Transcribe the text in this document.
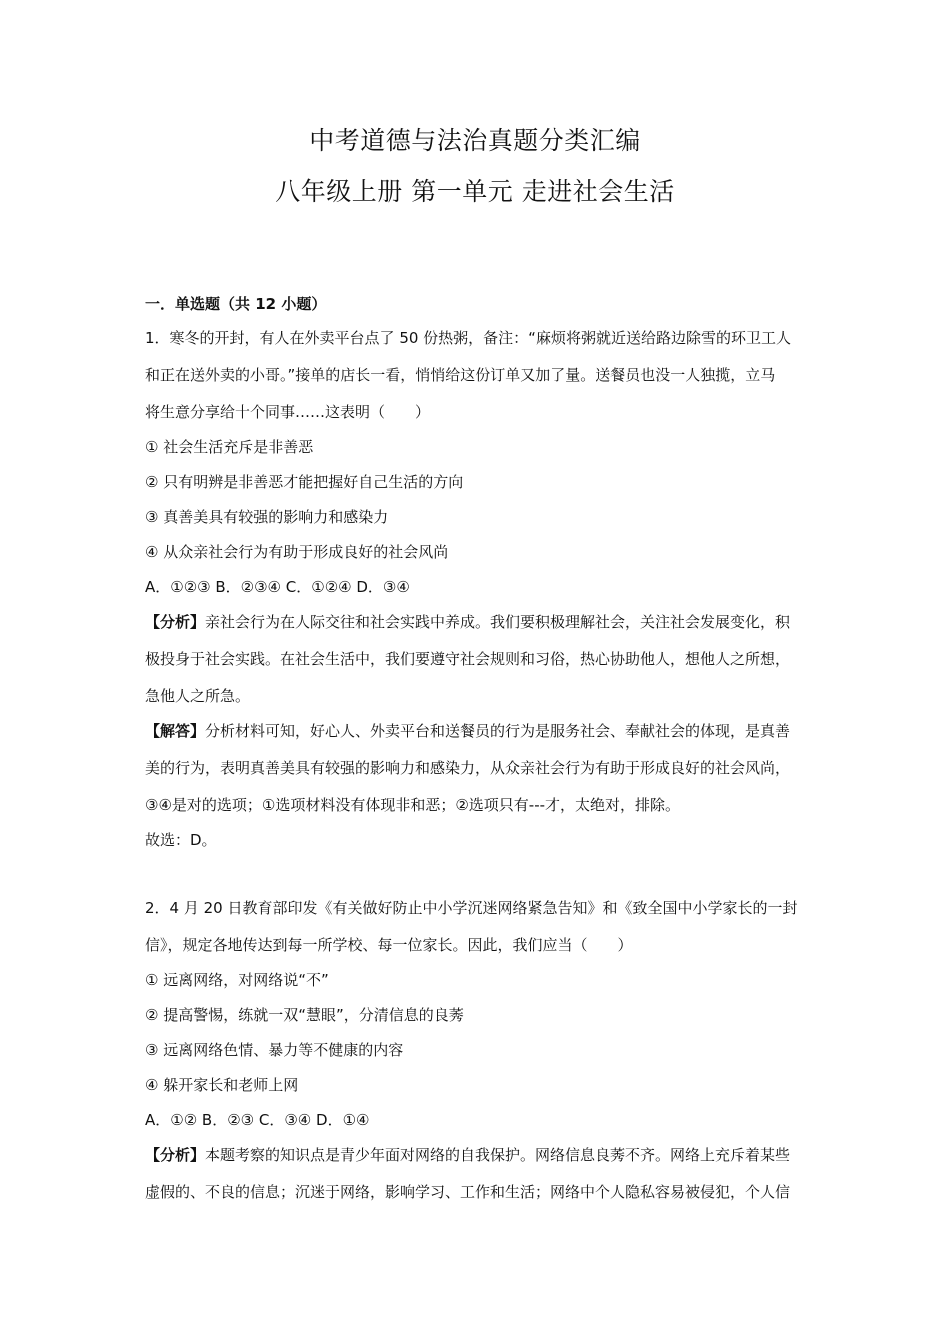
中考道德与法治真题分类汇编
八年级上册 第一单元 走进社会生活
一．单选题（共 12 小题）
1．寒冬的开封，有人在外卖平台点了 50 份热粥，备注：“麻烦将粥就近送给路边除雪的环卫工人
和正在送外卖的小哥。”接单的店长一看，悄悄给这份订单又加了量。送餐员也没一人独揽，立马
将生意分享给十个同事……这表明（　　）
① 社会生活充斥是非善恶
② 只有明辨是非善恶才能把握好自己生活的方向
③ 真善美具有较强的影响力和感染力
④ 从众亲社会行为有助于形成良好的社会风尚
A．①②③ B．②③④ C．①②④ D．③④
【分析】亲社会行为在人际交往和社会实践中养成。我们要积极理解社会，关注社会发展变化，积
极投身于社会实践。在社会生活中，我们要遵守社会规则和习俗，热心协助他人，想他人之所想，
急他人之所急。
【解答】分析材料可知，好心人、外卖平台和送餐员的行为是服务社会、奉献社会的体现，是真善
美的行为，表明真善美具有较强的影响力和感染力，从众亲社会行为有助于形成良好的社会风尚，
③④是对的选项；①选项材料没有体现非和恶；②选项只有---才，太绝对，排除。
故选：D。
2．4 月 20 日教育部印发《有关做好防止中小学沉迷网络紧急告知》和《致全国中小学家长的一封
信》，规定各地传达到每一所学校、每一位家长。因此，我们应当（　　）
① 远离网络，对网络说“不”
② 提高警惕，练就一双“慧眼”，分清信息的良莠
③ 远离网络色情、暴力等不健康的内容
④ 躲开家长和老师上网
A．①② B．②③ C．③④ D．①④
【分析】本题考察的知识点是青少年面对网络的自我保护。网络信息良莠不齐。网络上充斥着某些
虚假的、不良的信息；沉迷于网络，影响学习、工作和生活；网络中个人隐私容易被侵犯，个人信
